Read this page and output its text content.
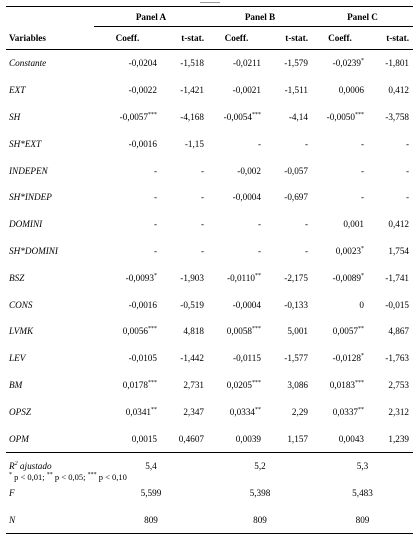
	Panel A		Panel B		Panel C	
Variables	Coeff.	t-stat.	Coeff.	t-stat.	Coeff.	t-stat.
Constante	-0,0204	-1,518	-0,0211	-1,579	-0,0239*	-1,801
EXT	-0,0022	-1,421	-0,0021	-1,511	0,0006	0,412
SH	-0,0057***	-4,168	-0,0054***	-4,14	-0,0050***	-3,758
SH*EXT	-0,0016	-1,15	-	-	-	-
INDEPEN	-	-	-0,002	-0,057	-	-
SH*INDEP	-	-	-0,0004	-0,697	-	-
DOMINI	-	-	-	-	0,001	0,412
SH*DOMINI	-	-	-	-	0,0023*	1,754
BSZ	-0,0093*	-1,903	-0,0110**	-2,175	-0,0089*	-1,741
CONS	-0,0016	-0,519	-0,0004	-0,133	0	-0,015
LVMK	0,0056***	4,818	0,0058***	5,001	0,0057**	4,867
LEV	-0,0105	-1,442	-0,0115	-1,577	-0,0128*	-1,763
BM	0,0178***	2,731	0,0205***	3,086	0,0183***	2,753
OPSZ	0,0341**	2,347	0,0334**	2,29	0,0337**	2,312
OPM	0,0015	0,4607	0,0039	1,157	0,0043	1,239
$R^2$ ajustado	5,4		5,2		5,3	
F	5,599		5,398		5,483	
N	809		809		809	
* p < 0,01; ** p < 0,05; *** p < 0,10
